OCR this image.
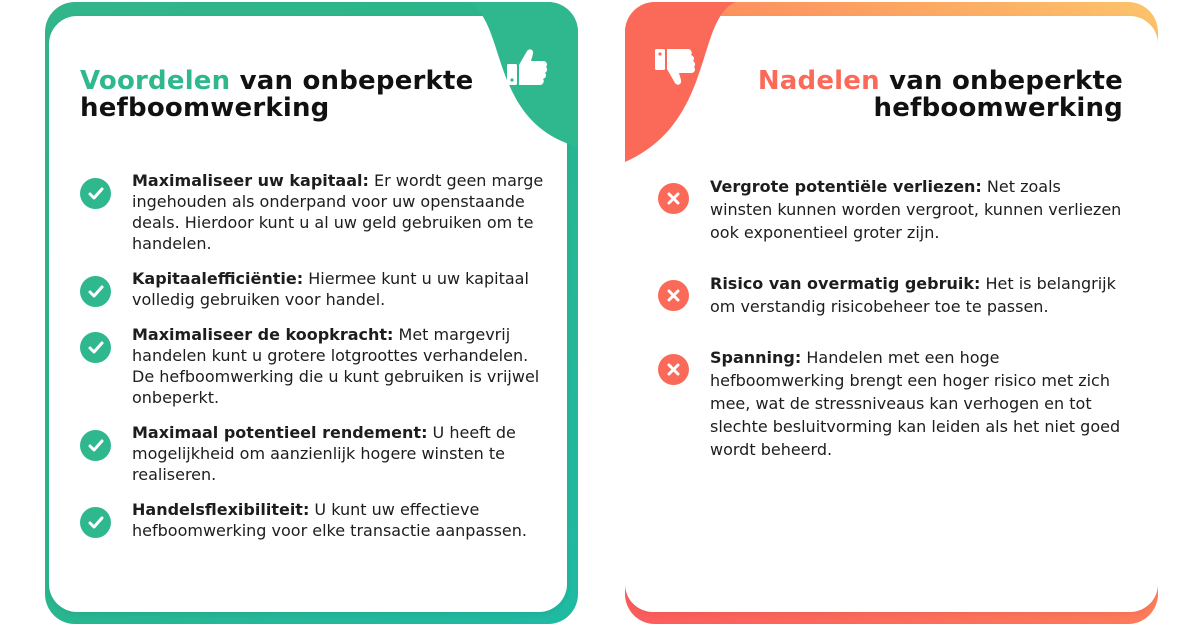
Voordelen van onbeperkte
hefboomwerking
Maximaliseer uw kapitaal: Er wordt geen marge ingehouden als onderpand voor uw openstaande deals. Hierdoor kunt u al uw geld gebruiken om te handelen.
Kapitaalefficiëntie: Hiermee kunt u uw kapitaal volledig gebruiken voor handel.
Maximaliseer de koopkracht: Met margevrij handelen kunt u grotere lotgroottes verhandelen. De hefboomwerking die u kunt gebruiken is vrijwel onbeperkt.
Maximaal potentieel rendement: U heeft de mogelijkheid om aanzienlijk hogere winsten te realiseren.
Handelsflexibiliteit: U kunt uw effectieve hefboomwerking voor elke transactie aanpassen.
Nadelen van onbeperkte
hefboomwerking
Vergrote potentiële verliezen: Net zoals winsten kunnen worden vergroot, kunnen verliezen ook exponentieel groter zijn.
Risico van overmatig gebruik: Het is belangrijk om verstandig risicobeheer toe te passen.
Spanning: Handelen met een hoge hefboomwerking brengt een hoger risico met zich mee, wat de stressniveaus kan verhogen en tot slechte besluitvorming kan leiden als het niet goed wordt beheerd.
